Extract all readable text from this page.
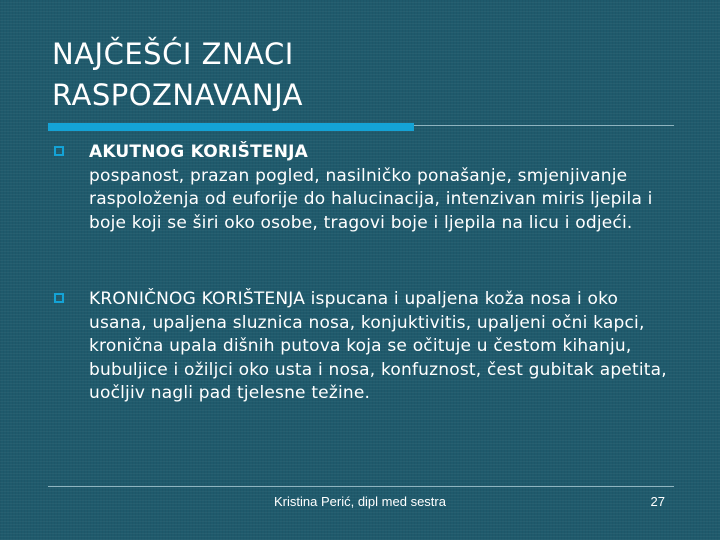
NAJČEŠĆI ZNACI
RASPOZNAVANJA
AKUTNOG KORIŠTENJA
pospanost, prazan pogled, nasilničko ponašanje, smjenjivanje raspoloženja od euforije do halucinacija, intenzivan miris ljepila i boje koji se širi oko osobe, tragovi boje i ljepila na licu i odjeći.
KRONIČNOG KORIŠTENJA ispucana i upaljena koža nosa i oko usana, upaljena sluznica nosa, konjuktivitis, upaljeni očni kapci, kronična upala dišnih putova koja se očituje u čestom kihanju, bubuljice i ožiljci oko usta i nosa, konfuznost, čest gubitak apetita, uočljiv nagli pad tjelesne težine.
Kristina Perić, dipl med sestra	27
